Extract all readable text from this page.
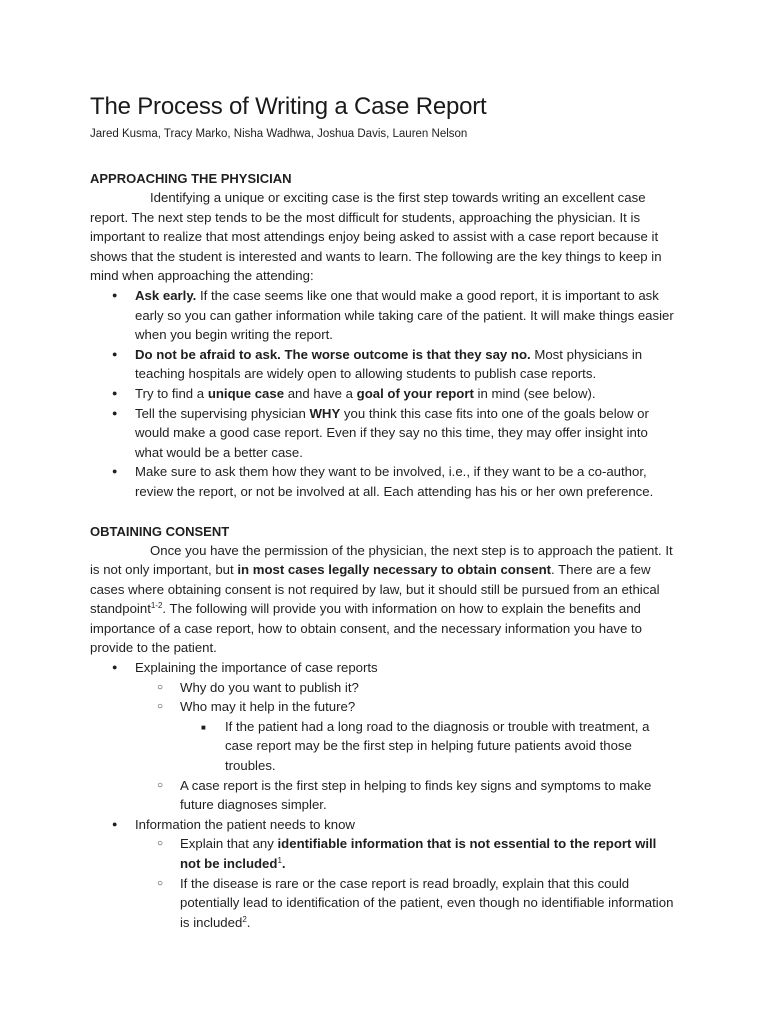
The Process of Writing a Case Report
Jared Kusma, Tracy Marko, Nisha Wadhwa, Joshua Davis, Lauren Nelson
APPROACHING THE PHYSICIAN

Identifying a unique or exciting case is the first step towards writing an excellent case report. The next step tends to be the most difficult for students, approaching the physician. It is important to realize that most attendings enjoy being asked to assist with a case report because it shows that the student is interested and wants to learn. The following are the key things to keep in mind when approaching the attending:

● Ask early. If the case seems like one that would make a good report, it is important to ask early so you can gather information while taking care of the patient. It will make things easier when you begin writing the report.
● Do not be afraid to ask. The worse outcome is that they say no. Most physicians in teaching hospitals are widely open to allowing students to publish case reports.
● Try to find a unique case and have a goal of your report in mind (see below).
● Tell the supervising physician WHY you think this case fits into one of the goals below or would make a good case report. Even if they say no this time, they may offer insight into what would be a better case.
● Make sure to ask them how they want to be involved, i.e., if they want to be a co-author, review the report, or not be involved at all. Each attending has his or her own preference.
OBTAINING CONSENT

Once you have the permission of the physician, the next step is to approach the patient. It is not only important, but in most cases legally necessary to obtain consent. There are a few cases where obtaining consent is not required by law, but it should still be pursued from an ethical standpoint$^{1-2}$. The following will provide you with information on how to explain the benefits and importance of a case report, how to obtain consent, and the necessary information you have to provide to the patient.

● Explaining the importance of case reports
○ Why do you want to publish it?
○ Who may it help in the future?
■ If the patient had a long road to the diagnosis or trouble with treatment, a case report may be the first step in helping future patients avoid those troubles.
○ A case report is the first step in helping to finds key signs and symptoms to make future diagnoses simpler.
● Information the patient needs to know
○ Explain that any identifiable information that is not essential to the report will not be included$^1$.
○ If the disease is rare or the case report is read broadly, explain that this could potentially lead to identification of the patient, even though no identifiable information is included$^2$.
